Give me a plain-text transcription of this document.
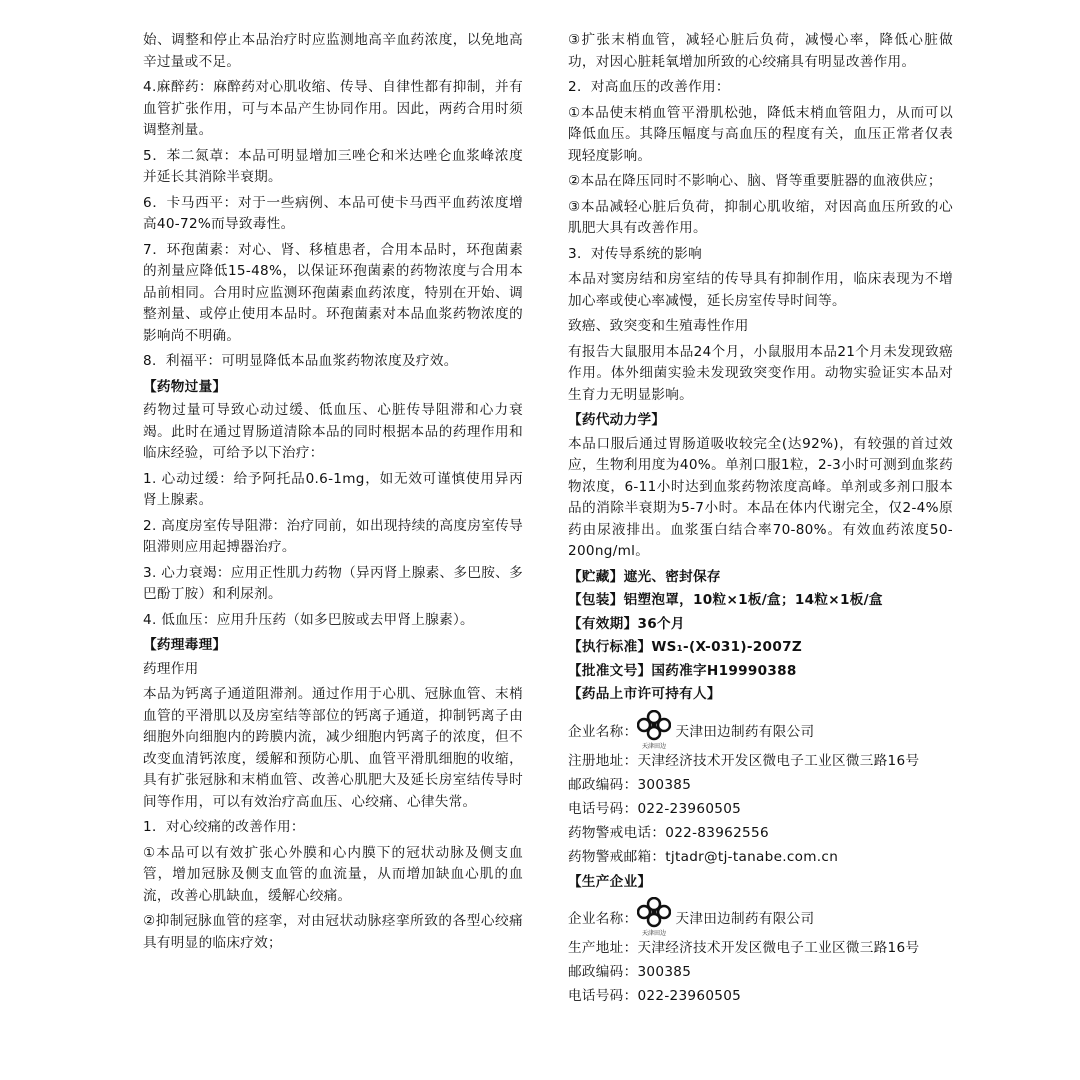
始、调整和停止本品治疗时应监测地高辛血药浓度，以免地高辛过量或不足。

4.麻醉药：麻醉药对心肌收缩、传导、自律性都有抑制，并有血管扩张作用，可与本品产生协同作用。因此，两药合用时须调整剂量。

5．苯二氮䓬：本品可明显增加三唑仑和米达唑仑血浆峰浓度并延长其消除半衰期。

6．卡马西平：对于一些病例、本品可使卡马西平血药浓度增高40-72%而导致毒性。

7．环孢菌素：对心、肾、移植患者，合用本品时，环孢菌素的剂量应降低15-48%，以保证环孢菌素的药物浓度与合用本品前相同。合用时应监测环孢菌素血药浓度，特别在开始、调整剂量、或停止使用本品时。环孢菌素对本品血浆药物浓度的影响尚不明确。

8．利福平：可明显降低本品血浆药物浓度及疗效。

【药物过量】

药物过量可导致心动过缓、低血压、心脏传导阻滞和心力衰竭。此时在通过胃肠道清除本品的同时根据本品的药理作用和临床经验，可给予以下治疗：

1. 心动过缓：给予阿托品0.6-1mg，如无效可谨慎使用异丙肾上腺素。

2. 高度房室传导阻滞：治疗同前，如出现持续的高度房室传导阻滞则应用起搏器治疗。

3. 心力衰竭：应用正性肌力药物（异丙肾上腺素、多巴胺、多巴酚丁胺）和利尿剂。

4. 低血压：应用升压药（如多巴胺或去甲肾上腺素）。

【药理毒理】

药理作用

本品为钙离子通道阻滞剂。通过作用于心肌、冠脉血管、末梢血管的平滑肌以及房室结等部位的钙离子通道，抑制钙离子由细胞外向细胞内的跨膜内流，减少细胞内钙离子的浓度，但不改变血清钙浓度，缓解和预防心肌、血管平滑肌细胞的收缩，具有扩张冠脉和末梢血管、改善心肌肥大及延长房室结传导时间等作用，可以有效治疗高血压、心绞痛、心律失常。

1．对心绞痛的改善作用：

①本品可以有效扩张心外膜和心内膜下的冠状动脉及侧支血管，增加冠脉及侧支血管的血流量，从而增加缺血心肌的血流，改善心肌缺血，缓解心绞痛。

②抑制冠脉血管的痉挛，对由冠状动脉痉挛所致的各型心绞痛具有明显的临床疗效；

③扩张末梢血管，减轻心脏后负荷，减慢心率，降低心脏做功，对因心脏耗氧增加所致的心绞痛具有明显改善作用。

2．对高血压的改善作用：

①本品使末梢血管平滑肌松弛，降低末梢血管阻力，从而可以降低血压。其降压幅度与高血压的程度有关，血压正常者仅表现轻度影响。

②本品在降压同时不影响心、脑、肾等重要脏器的血液供应；

③本品减轻心脏后负荷，抑制心肌收缩，对因高血压所致的心肌肥大具有改善作用。

3．对传导系统的影响

本品对窦房结和房室结的传导具有抑制作用，临床表现为不增加心率或使心率减慢，延长房室传导时间等。

致癌、致突变和生殖毒性作用

有报告大鼠服用本品24个月，小鼠服用本品21个月未发现致癌作用。体外细菌实验未发现致突变作用。动物实验证实本品对生育力无明显影响。

【药代动力学】

本品口服后通过胃肠道吸收较完全(达92%)，有较强的首过效应，生物利用度为40%。单剂口服1粒，2-3小时可测到血浆药物浓度，6-11小时达到血浆药物浓度高峰。单剂或多剂口服本品的消除半衰期为5-7小时。本品在体内代谢完全，仅2-4%原药由尿液排出。血浆蛋白结合率70-80%。有效血药浓度50-200ng/ml。

【贮藏】遮光、密封保存

【包装】铝塑泡罩，10粒×1板/盒；14粒×1板/盒

【有效期】36个月

【执行标准】WS₁-(X-031)-2007Z

【批准文号】国药准字H19990388

【药品上市许可持有人】

企业名称：
天津田边
天津田边制药有限公司

注册地址：天津经济技术开发区微电子工业区微三路16号

邮政编码：300385

电话号码：022-23960505

药物警戒电话：022-83962556

药物警戒邮箱：tjtadr@tj-tanabe.com.cn

【生产企业】

企业名称：
天津田边
天津田边制药有限公司

生产地址：天津经济技术开发区微电子工业区微三路16号

邮政编码：300385

电话号码：022-23960505
